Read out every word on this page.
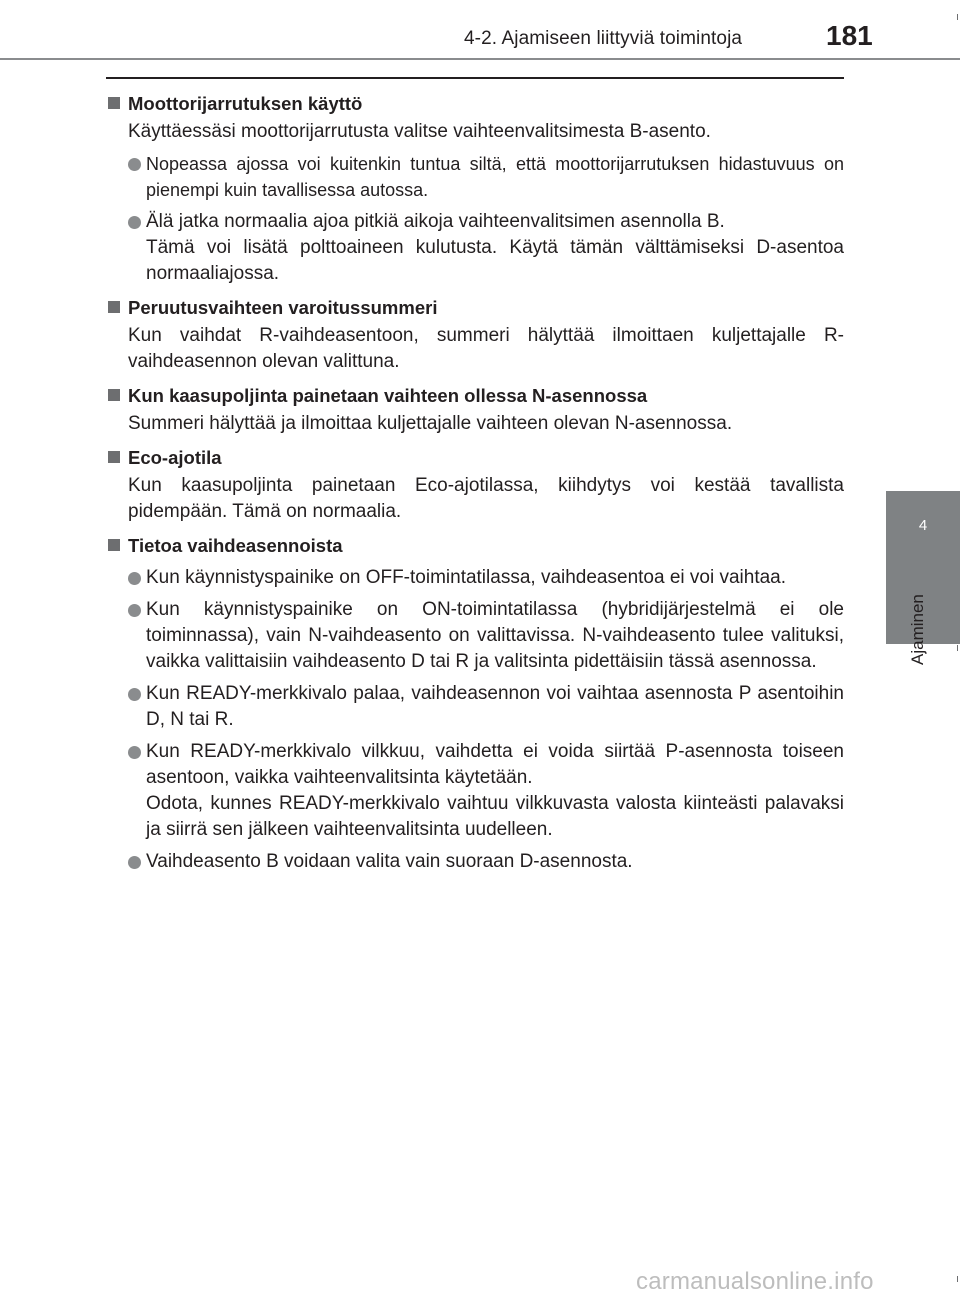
4-2. Ajamiseen liittyviä toimintoja	181
4
Ajaminen
Moottorijarrutuksen käyttö
Käyttäessäsi moottorijarrutusta valitse vaihteenvalitsimesta B-asento.
Nopeassa ajossa voi kuitenkin tuntua siltä, että moottorijarrutuksen hidastuvuus on pienempi kuin tavallisessa autossa.
Älä jatka normaalia ajoa pitkiä aikoja vaihteenvalitsimen asennolla B.
Tämä voi lisätä polttoaineen kulutusta. Käytä tämän välttämiseksi D-asentoa normaaliajossa.
Peruutusvaihteen varoitussummeri
Kun vaihdat R-vaihdeasentoon, summeri hälyttää ilmoittaen kuljettajalle R-vaihdeasennon olevan valittuna.
Kun kaasupoljinta painetaan vaihteen ollessa N-asennossa
Summeri hälyttää ja ilmoittaa kuljettajalle vaihteen olevan N-asennossa.
Eco-ajotila
Kun kaasupoljinta painetaan Eco-ajotilassa, kiihdytys voi kestää tavallista pidempään. Tämä on normaalia.
Tietoa vaihdeasennoista
Kun käynnistyspainike on OFF-toimintatilassa, vaihdeasentoa ei voi vaihtaa.
Kun käynnistyspainike on ON-toimintatilassa (hybridijärjestelmä ei ole toiminnassa), vain N-vaihdeasento on valittavissa. N-vaihdeasento tulee valituksi, vaikka valittaisiin vaihdeasento D tai R ja valitsinta pidettäisiin tässä asennossa.
Kun READY-merkkivalo palaa, vaihdeasennon voi vaihtaa asennosta P asentoihin D, N tai R.
Kun READY-merkkivalo vilkkuu, vaihdetta ei voida siirtää P-asennosta toiseen asentoon, vaikka vaihteenvalitsinta käytetään.
Odota, kunnes READY-merkkivalo vaihtuu vilkkuvasta valosta kiinteästi palavaksi ja siirrä sen jälkeen vaihteenvalitsinta uudelleen.
Vaihdeasento B voidaan valita vain suoraan D-asennosta.
carmanualsonline.info
